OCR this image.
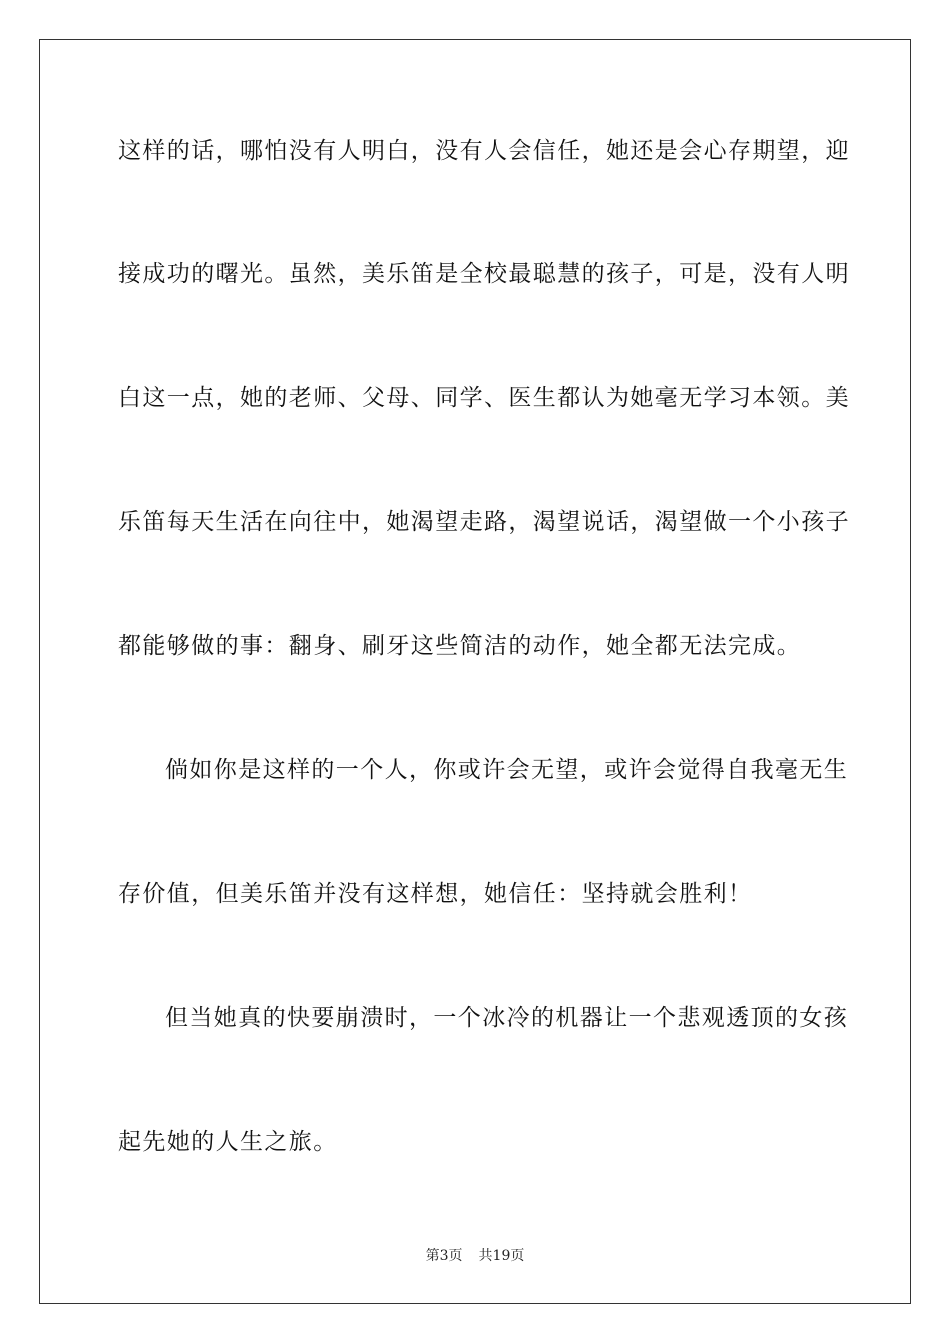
这样的话，哪怕没有人明白，没有人会信任，她还是会心存期望，迎
接成功的曙光。虽然，美乐笛是全校最聪慧的孩子，可是，没有人明
白这一点，她的老师、父母、同学、医生都认为她毫无学习本领。美
乐笛每天生活在向往中，她渴望走路，渴望说话，渴望做一个小孩子
都能够做的事：翻身、刷牙这些简洁的动作，她全都无法完成。
倘如你是这样的一个人，你或许会无望，或许会觉得自我毫无生
存价值，但美乐笛并没有这样想，她信任：坚持就会胜利！
但当她真的快要崩溃时，一个冰冷的机器让一个悲观透顶的女孩
起先她的人生之旅。
第3页 共19页
